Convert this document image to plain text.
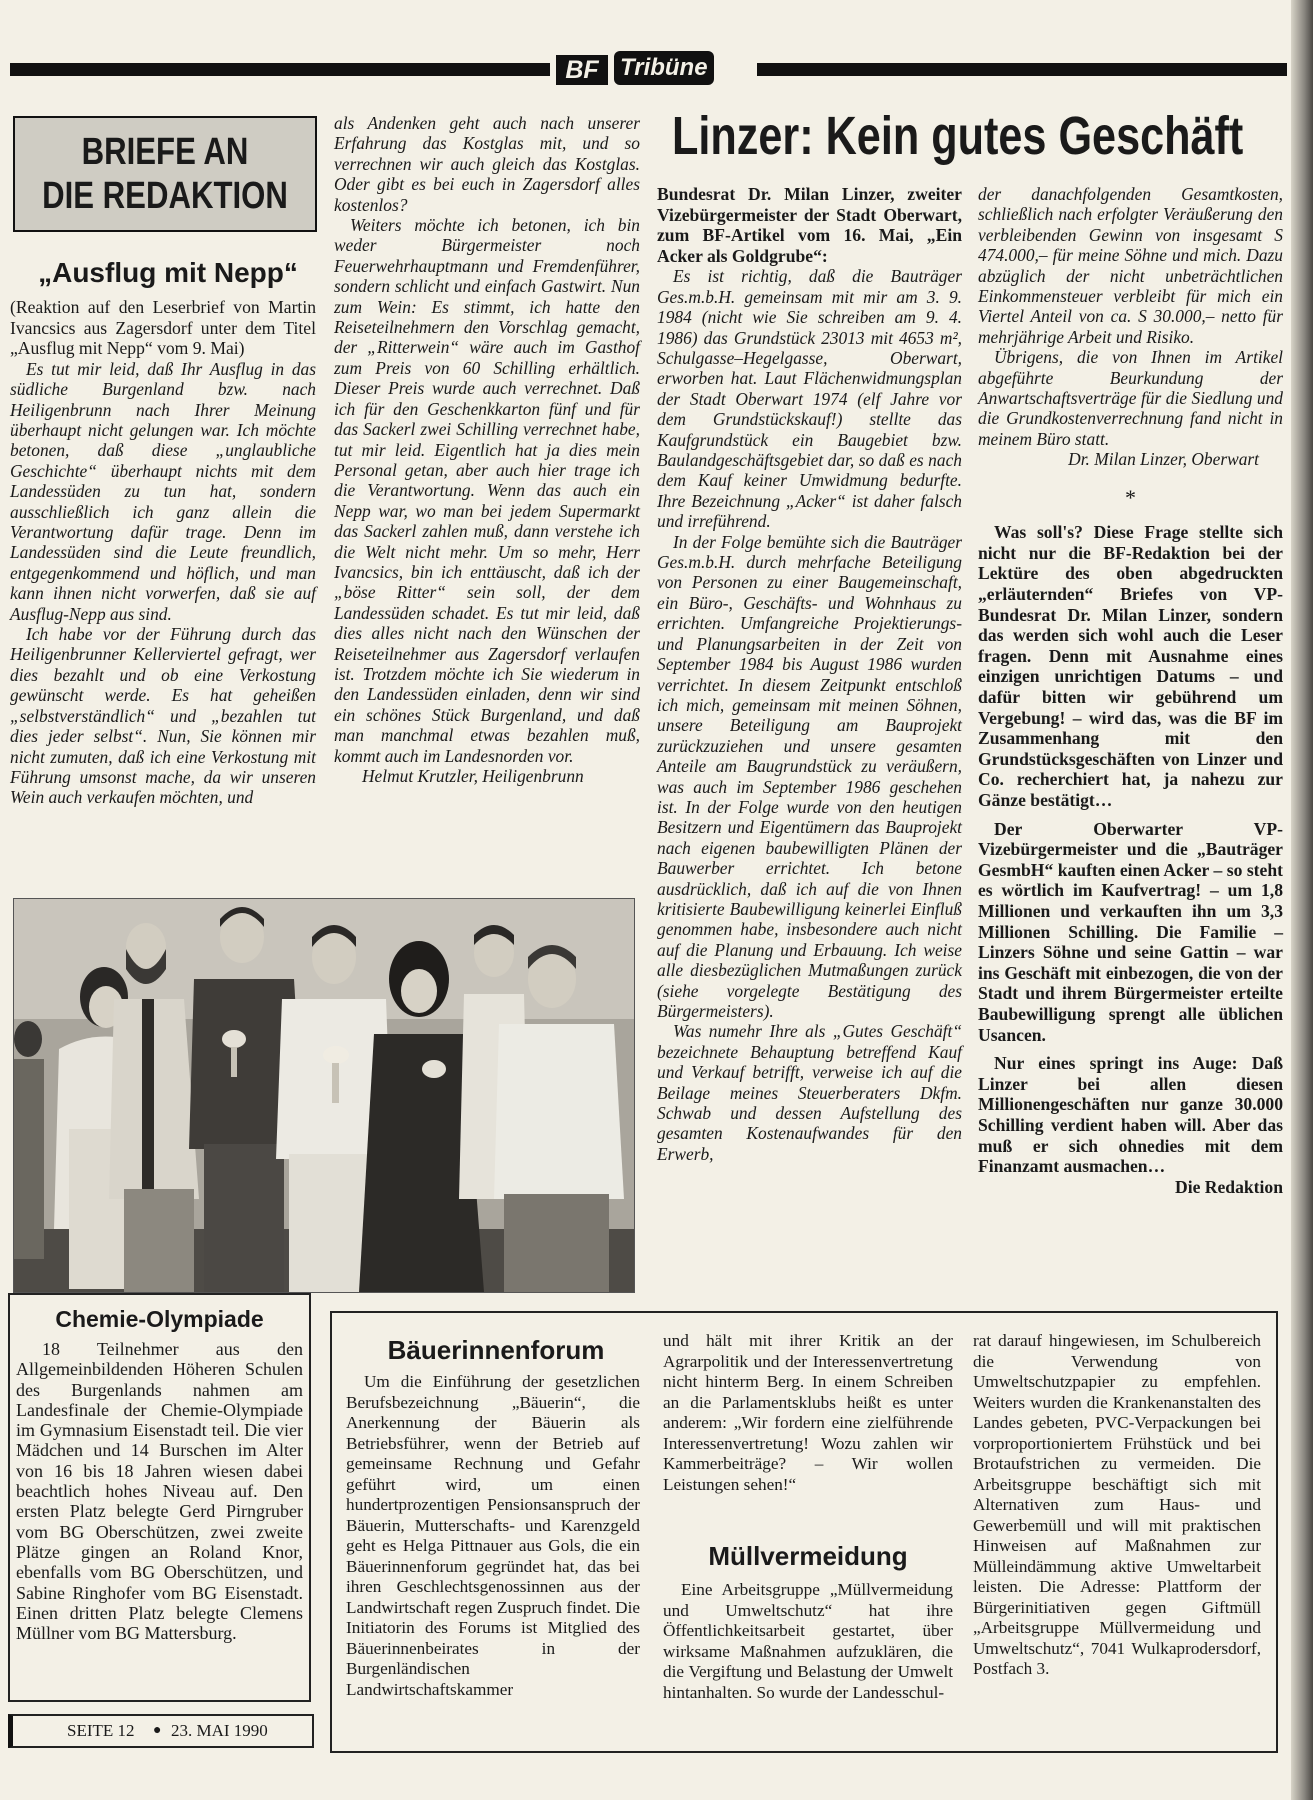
BF Tribüne
BRIEFE AN
DIE REDAKTION
„Ausflug mit Nepp“

(Reaktion auf den Leserbrief von Martin Ivancsics aus Zagersdorf unter dem Titel „Ausflug mit Nepp“ vom 9. Mai)

Es tut mir leid, daß Ihr Ausflug in das südliche Burgenland bzw. nach Heiligenbrunn nach Ihrer Meinung überhaupt nicht gelungen war. Ich möchte betonen, daß diese „unglaubliche Geschichte“ überhaupt nichts mit dem Landessüden zu tun hat, sondern ausschließlich ich ganz allein die Verantwortung dafür trage. Denn im Landessüden sind die Leute freundlich, entgegenkommend und höflich, und man kann ihnen nicht vorwerfen, daß sie auf Ausflug-Nepp aus sind.

Ich habe vor der Führung durch das Heiligenbrunner Kellerviertel gefragt, wer dies bezahlt und ob eine Verkostung gewünscht werde. Es hat geheißen „selbstverständlich“ und „bezahlen tut dies jeder selbst“. Nun, Sie können mir nicht zumuten, daß ich eine Verkostung mit Führung umsonst mache, da wir unseren Wein auch verkaufen möchten, und

als Andenken geht auch nach unserer Erfahrung das Kostglas mit, und so verrechnen wir auch gleich das Kostglas. Oder gibt es bei euch in Zagersdorf alles kostenlos?

Weiters möchte ich betonen, ich bin weder Bürgermeister noch Feuerwehrhauptmann und Fremdenführer, sondern schlicht und einfach Gastwirt. Nun zum Wein: Es stimmt, ich hatte den Reiseteilnehmern den Vorschlag gemacht, der „Ritterwein“ wäre auch im Gasthof zum Preis von 60 Schilling erhältlich. Dieser Preis wurde auch verrechnet. Daß ich für den Geschenkkarton fünf und für das Sackerl zwei Schilling verrechnet habe, tut mir leid. Eigentlich hat ja dies mein Personal getan, aber auch hier trage ich die Verantwortung. Wenn das auch ein Nepp war, wo man bei jedem Supermarkt das Sackerl zahlen muß, dann verstehe ich die Welt nicht mehr. Um so mehr, Herr Ivancsics, bin ich enttäuscht, daß ich der „böse Ritter“ sein soll, der dem Landessüden schadet. Es tut mir leid, daß dies alles nicht nach den Wünschen der Reiseteilnehmer aus Zagersdorf verlaufen ist. Trotzdem möchte ich Sie wiederum in den Landessüden einladen, denn wir sind ein schönes Stück Burgenland, und daß man manchmal etwas bezahlen muß, kommt auch im Landesnorden vor.

Helmut Krutzler, Heiligenbrunn

Linzer: Kein gutes Geschäft

Bundesrat Dr. Milan Linzer, zweiter Vizebürgermeister der Stadt Oberwart, zum BF-Artikel vom 16. Mai, „Ein Acker als Goldgrube“:

Es ist richtig, daß die Bauträger Ges.m.b.H. gemeinsam mit mir am 3. 9. 1984 (nicht wie Sie schreiben am 9. 4. 1986) das Grundstück 23013 mit 4653 m², Schulgasse–Hegelgasse, Oberwart, erworben hat. Laut Flächenwidmungsplan der Stadt Oberwart 1974 (elf Jahre vor dem Grundstückskauf!) stellte das Kaufgrundstück ein Baugebiet bzw. Baulandgeschäftsgebiet dar, so daß es nach dem Kauf keiner Umwidmung bedurfte. Ihre Bezeichnung „Acker“ ist daher falsch und irreführend.

In der Folge bemühte sich die Bauträger Ges.m.b.H. durch mehrfache Beteiligung von Personen zu einer Baugemeinschaft, ein Büro-, Geschäfts- und Wohnhaus zu errichten. Umfangreiche Projektierungs- und Planungsarbeiten in der Zeit von September 1984 bis August 1986 wurden verrichtet. In diesem Zeitpunkt entschloß ich mich, gemeinsam mit meinen Söhnen, unsere Beteiligung am Bauprojekt zurückzuziehen und unsere gesamten Anteile am Baugrundstück zu veräußern, was auch im September 1986 geschehen ist. In der Folge wurde von den heutigen Besitzern und Eigentümern das Bauprojekt nach eigenen baubewilligten Plänen der Bauwerber errichtet. Ich betone ausdrücklich, daß ich auf die von Ihnen kritisierte Baubewilligung keinerlei Einfluß genommen habe, insbesondere auch nicht auf die Planung und Erbauung. Ich weise alle diesbezüglichen Mutmaßungen zurück (siehe vorgelegte Bestätigung des Bürgermeisters).

Was numehr Ihre als „Gutes Geschäft“ bezeichnete Behauptung betreffend Kauf und Verkauf betrifft, verweise ich auf die Beilage meines Steuerberaters Dkfm. Schwab und dessen Aufstellung des gesamten Kostenaufwandes für den Erwerb,

der danachfolgenden Gesamtkosten, schließlich nach erfolgter Veräußerung den verbleibenden Gewinn von insgesamt S 474.000,– für meine Söhne und mich. Dazu abzüglich der nicht unbeträchtlichen Einkommensteuer verbleibt für mich ein Viertel Anteil von ca. S 30.000,– netto für mehrjährige Arbeit und Risiko.

Übrigens, die von Ihnen im Artikel abgeführte Beurkundung der Anwartschaftsverträge für die Siedlung und die Grundkostenverrechnung fand nicht in meinem Büro statt.

Dr. Milan Linzer, Oberwart

*

Was soll's? Diese Frage stellte sich nicht nur die BF-Redaktion bei der Lektüre des oben abgedruckten „erläuternden“ Briefes von VP-Bundesrat Dr. Milan Linzer, sondern das werden sich wohl auch die Leser fragen. Denn mit Ausnahme eines einzigen unrichtigen Datums – und dafür bitten wir gebührend um Vergebung! – wird das, was die BF im Zusammenhang mit den Grundstücksgeschäften von Linzer und Co. recherchiert hat, ja nahezu zur Gänze bestätigt…

Der Oberwarter VP-Vizebürgermeister und die „Bauträger GesmbH“ kauften einen Acker – so steht es wörtlich im Kaufvertrag! – um 1,8 Millionen und verkauften ihn um 3,3 Millionen Schilling. Die Familie – Linzers Söhne und seine Gattin – war ins Geschäft mit einbezogen, die von der Stadt und ihrem Bürgermeister erteilte Baubewilligung sprengt alle üblichen Usancen.

Nur eines springt ins Auge: Daß Linzer bei allen diesen Millionengeschäften nur ganze 30.000 Schilling verdient haben will. Aber das muß er sich ohnedies mit dem Finanzamt ausmachen…

Die Redaktion

Chemie-Olympiade
18 Teilnehmer aus den Allgemeinbildenden Höheren Schulen des Burgenlands nahmen am Landesfinale der Chemie-Olympiade im Gymnasium Eisenstadt teil. Die vier Mädchen und 14 Burschen im Alter von 16 bis 18 Jahren wiesen dabei beachtlich hohes Niveau auf. Den ersten Platz belegte Gerd Pirngruber vom BG Oberschützen, zwei zweite Plätze gingen an Roland Knor, ebenfalls vom BG Oberschützen, und Sabine Ringhofer vom BG Eisenstadt. Einen dritten Platz belegte Clemens Müllner vom BG Mattersburg.
SEITE 12 ● 23. MAI 1990
Bäuerinnenforum
Um die Einführung der gesetzlichen Berufsbezeichnung „Bäuerin“, die Anerkennung der Bäuerin als Betriebsführer, wenn der Betrieb auf gemeinsame Rechnung und Gefahr geführt wird, um einen hundertprozentigen Pensionsanspruch der Bäuerin, Mutterschafts- und Karenzgeld geht es Helga Pittnauer aus Gols, die ein Bäuerinnenforum gegründet hat, das bei ihren Geschlechtsgenossinnen aus der Landwirtschaft regen Zuspruch findet. Die Initiatorin des Forums ist Mitglied des Bäuerinnenbeirates in der Burgenländischen Landwirtschaftskammer
und hält mit ihrer Kritik an der Agrarpolitik und der Interessenvertretung nicht hinterm Berg. In einem Schreiben an die Parlamentsklubs heißt es unter anderem: „Wir fordern eine zielführende Interessenvertretung! Wozu zahlen wir Kammerbeiträge? – Wir wollen Leistungen sehen!“
Müllvermeidung
Eine Arbeitsgruppe „Müllvermeidung und Umweltschutz“ hat ihre Öffentlichkeitsarbeit gestartet, über wirksame Maßnahmen aufzuklären, die die Vergiftung und Belastung der Umwelt hintanhalten. So wurde der Landesschul-
rat darauf hingewiesen, im Schulbereich die Verwendung von Umweltschutzpapier zu empfehlen. Weiters wurden die Krankenanstalten des Landes gebeten, PVC-Verpackungen bei vorproportioniertem Frühstück und bei Brotaufstrichen zu vermeiden. Die Arbeitsgruppe beschäftigt sich mit Alternativen zum Haus- und Gewerbemüll und will mit praktischen Hinweisen auf Maßnahmen zur Mülleindämmung aktive Umweltarbeit leisten. Die Adresse: Plattform der Bürgerinitiativen gegen Giftmüll „Arbeitsgruppe Müllvermeidung und Umweltschutz“, 7041 Wulkaprodersdorf, Postfach 3.
